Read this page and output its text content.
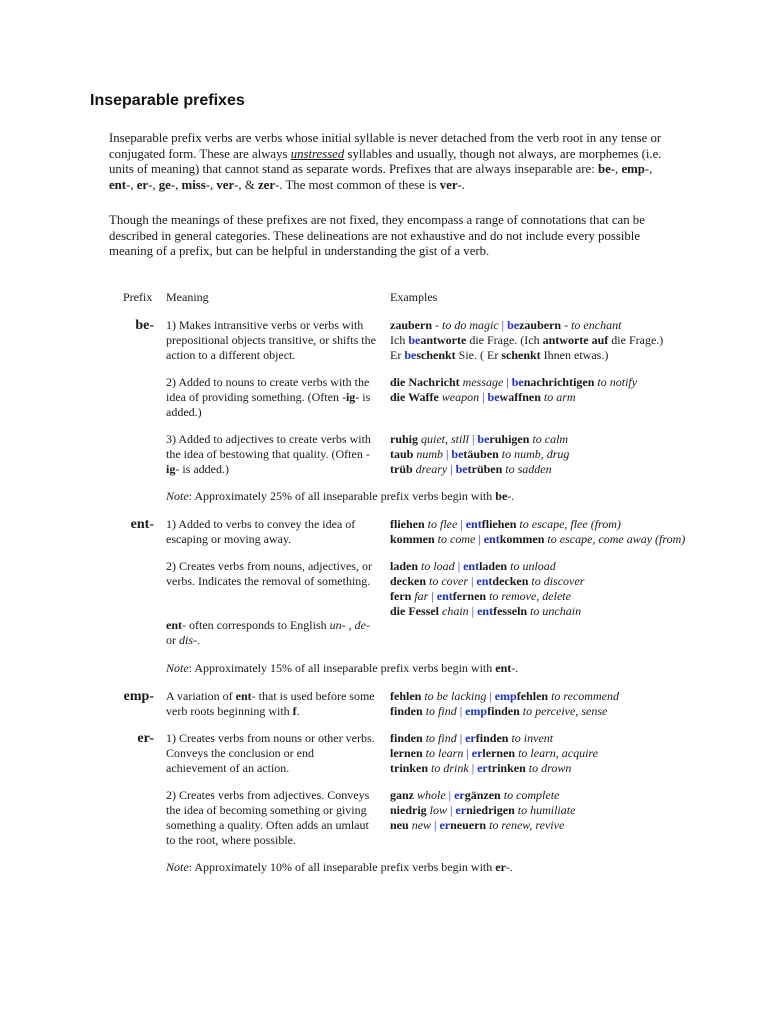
Inseparable prefixes

Inseparable prefix verbs are verbs whose initial syllable is never detached from the verb root in any tense or conjugated form. These are always unstressed syllables and usually, though not always, are morphemes (i.e. units of meaning) that cannot stand as separate words. Prefixes that are always inseparable are: be-, emp-, ent-, er-, ge-, miss-, ver-, & zer-. The most common of these is ver-.

Though the meanings of these prefixes are not fixed, they encompass a range of connotations that can be described in general categories. These delineations are not exhaustive and do not include every possible meaning of a prefix, but can be helpful in understanding the gist of a verb.

Prefix Meaning	Examples
be- 1) Makes intransitive verbs or verbs with prepositional objects transitive, or shifts the action to a different object.
zaubern - to do magic | bezaubern - to enchant
Ich beantworte die Frage. (Ich antworte auf die Frage.)
Er beschenkt Sie. ( Er schenkt Ihnen etwas.)
2) Added to nouns to create verbs with the idea of providing something. (Often -ig- is added.)
die Nachricht message | benachrichtigen to notify
die Waffe weapon | bewaffnen to arm
3) Added to adjectives to create verbs with the idea of bestowing that quality. (Often -ig- is added.)
ruhig quiet, still | beruhigen to calm
taub numb | betäuben to numb, drug
trüb dreary | betrüben to sadden
Note: Approximately 25% of all inseparable prefix verbs begin with be-.
ent- 1) Added to verbs to convey the idea of escaping or moving away.
fliehen to flee | entfliehen to escape, flee (from)
kommen to come | entkommen to escape, come away (from)
2) Creates verbs from nouns, adjectives, or verbs. Indicates the removal of something.
ent- often corresponds to English un- , de- or dis-.
laden to load | entladen to unload
decken to cover | entdecken to discover
fern far | entfernen to remove, delete
die Fessel chain | entfesseln to unchain
Note: Approximately 15% of all inseparable prefix verbs begin with ent-.
emp- A variation of ent- that is used before some verb roots beginning with f.
fehlen to be lacking | empfehlen to recommend
finden to find | empfinden to perceive, sense
er- 1) Creates verbs from nouns or other verbs. Conveys the conclusion or end achievement of an action.
finden to find | erfinden to invent
lernen to learn | erlernen to learn, acquire
trinken to drink | ertrinken to drown
2) Creates verbs from adjectives. Conveys the idea of becoming something or giving something a quality. Often adds an umlaut to the root, where possible.
ganz whole | ergänzen to complete
niedrig low | erniedrigen to humiliate
neu new | erneuern to renew, revive
Note: Approximately 10% of all inseparable prefix verbs begin with er-.
